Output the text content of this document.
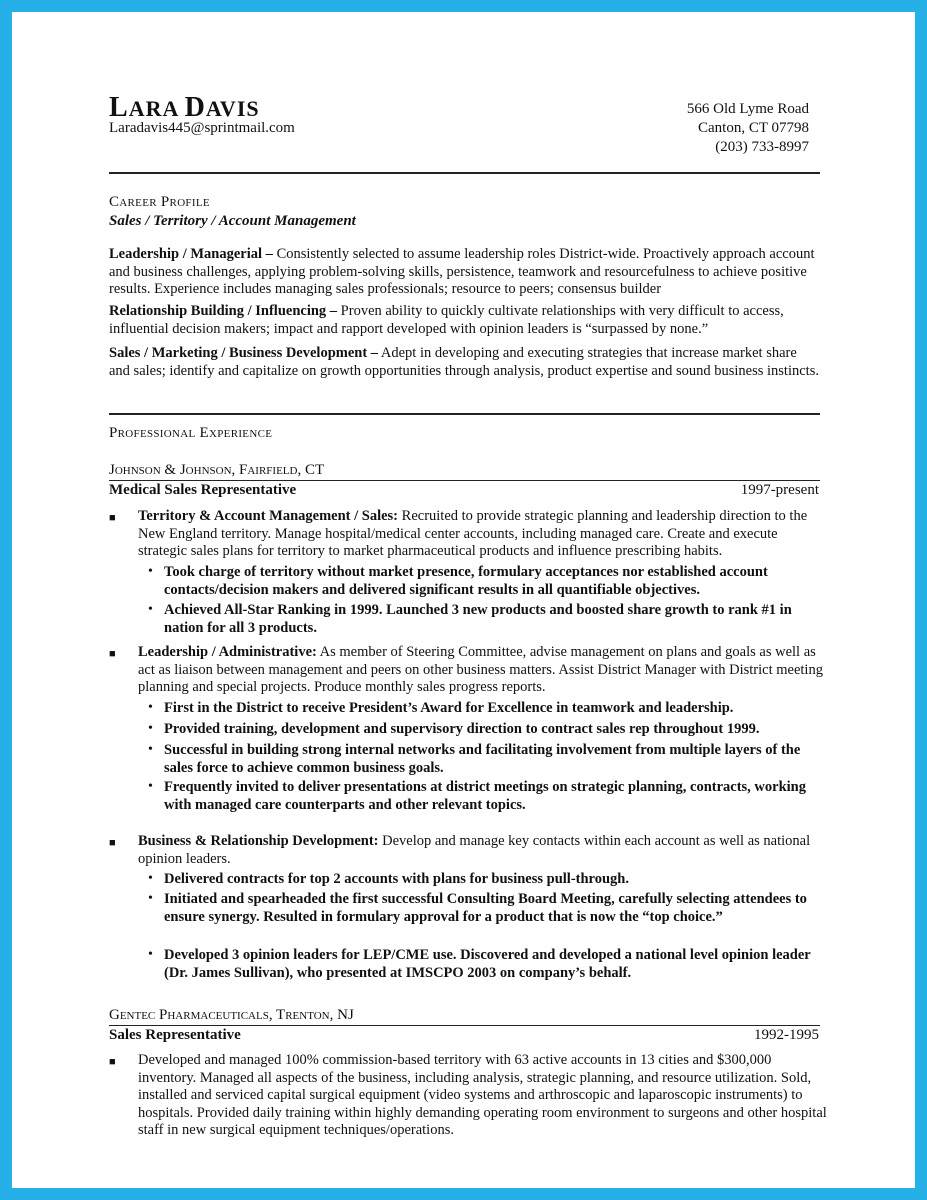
LARA DAVIS
Laradavis445@sprintmail.com
566 Old Lyme Road
Canton, CT 07798
(203) 733-8997
Career Profile
Sales / Territory / Account Management
Leadership / Managerial – Consistently selected to assume leadership roles District-wide. Proactively approach account and business challenges, applying problem-solving skills, persistence, teamwork and resourcefulness to achieve positive results. Experience includes managing sales professionals; resource to peers; consensus builder
Relationship Building / Influencing – Proven ability to quickly cultivate relationships with very difficult to access, influential decision makers; impact and rapport developed with opinion leaders is “surpassed by none.”
Sales / Marketing / Business Development – Adept in developing and executing strategies that increase market share and sales; identify and capitalize on growth opportunities through analysis, product expertise and sound business instincts.
Professional Experience
Johnson & Johnson, Fairfield, CT
Medical Sales Representative	1997-present
■ Territory & Account Management / Sales: Recruited to provide strategic planning and leadership direction to the New England territory. Manage hospital/medical center accounts, including managed care. Create and execute strategic sales plans for territory to market pharmaceutical products and influence prescribing habits.
• Took charge of territory without market presence, formulary acceptances nor established account contacts/decision makers and delivered significant results in all quantifiable objectives.
• Achieved All-Star Ranking in 1999. Launched 3 new products and boosted share growth to rank #1 in nation for all 3 products.
■ Leadership / Administrative: As member of Steering Committee, advise management on plans and goals as well as act as liaison between management and peers on other business matters. Assist District Manager with District meeting planning and special projects. Produce monthly sales progress reports.
• First in the District to receive President’s Award for Excellence in teamwork and leadership.
• Provided training, development and supervisory direction to contract sales rep throughout 1999.
• Successful in building strong internal networks and facilitating involvement from multiple layers of the sales force to achieve common business goals.
• Frequently invited to deliver presentations at district meetings on strategic planning, contracts, working with managed care counterparts and other relevant topics.
■ Business & Relationship Development: Develop and manage key contacts within each account as well as national opinion leaders.
• Delivered contracts for top 2 accounts with plans for business pull-through.
• Initiated and spearheaded the first successful Consulting Board Meeting, carefully selecting attendees to ensure synergy. Resulted in formulary approval for a product that is now the “top choice.”
• Developed 3 opinion leaders for LEP/CME use. Discovered and developed a national level opinion leader (Dr. James Sullivan), who presented at IMSCPO 2003 on company’s behalf.
Gentec Pharmaceuticals, Trenton, NJ
Sales Representative	1992-1995
■ Developed and managed 100% commission-based territory with 63 active accounts in 13 cities and $300,000 inventory. Managed all aspects of the business, including analysis, strategic planning, and resource utilization. Sold, installed and serviced capital surgical equipment (video systems and arthroscopic and laparoscopic instruments) to hospitals. Provided daily training within highly demanding operating room environment to surgeons and other hospital staff in new surgical equipment techniques/operations.
